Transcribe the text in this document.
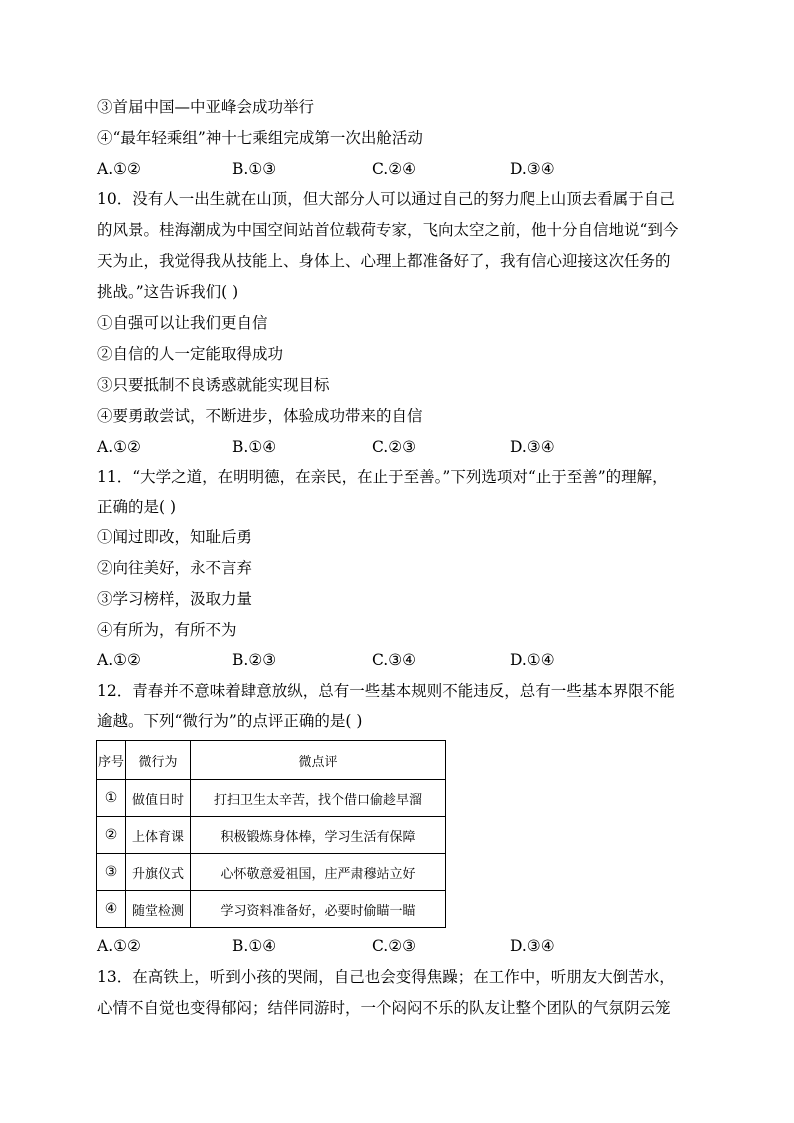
③首届中国—中亚峰会成功举行
④“最年轻乘组”神十七乘组完成第一次出舱活动
A.①②	B.①③	C.②④	D.③④
10．没有人一出生就在山顶，但大部分人可以通过自己的努力爬上山顶去看属于自己
的风景。桂海潮成为中国空间站首位载荷专家，飞向太空之前，他十分自信地说“到今
天为止，我觉得我从技能上、身体上、心理上都准备好了，我有信心迎接这次任务的
挑战。”这告诉我们( )
①自强可以让我们更自信
②自信的人一定能取得成功
③只要抵制不良诱惑就能实现目标
④要勇敢尝试，不断进步，体验成功带来的自信
A.①②	B.①④	C.②③	D.③④
11．“大学之道，在明明德，在亲民，在止于至善。”下列选项对“止于至善”的理解，
正确的是( )
①闻过即改，知耻后勇
②向往美好，永不言弃
③学习榜样，汲取力量
④有所为，有所不为
A.①②	B.②③	C.③④	D.①④
12．青春并不意味着肆意放纵，总有一些基本规则不能违反，总有一些基本界限不能
逾越。下列“微行为”的点评正确的是( )
序号	微行为	微点评
①	做值日时	打扫卫生太辛苦，找个借口偷趁早溜
②	上体育课	积极锻炼身体棒，学习生活有保障
③	升旗仪式	心怀敬意爱祖国，庄严肃穆站立好
④	随堂检测	学习资料准备好，必要时偷瞄一瞄
A.①②	B.①④	C.②③	D.③④
13．在高铁上，听到小孩的哭闹，自己也会变得焦躁；在工作中，听朋友大倒苦水，
心情不自觉也变得郁闷；结伴同游时，一个闷闷不乐的队友让整个团队的气氛阴云笼
